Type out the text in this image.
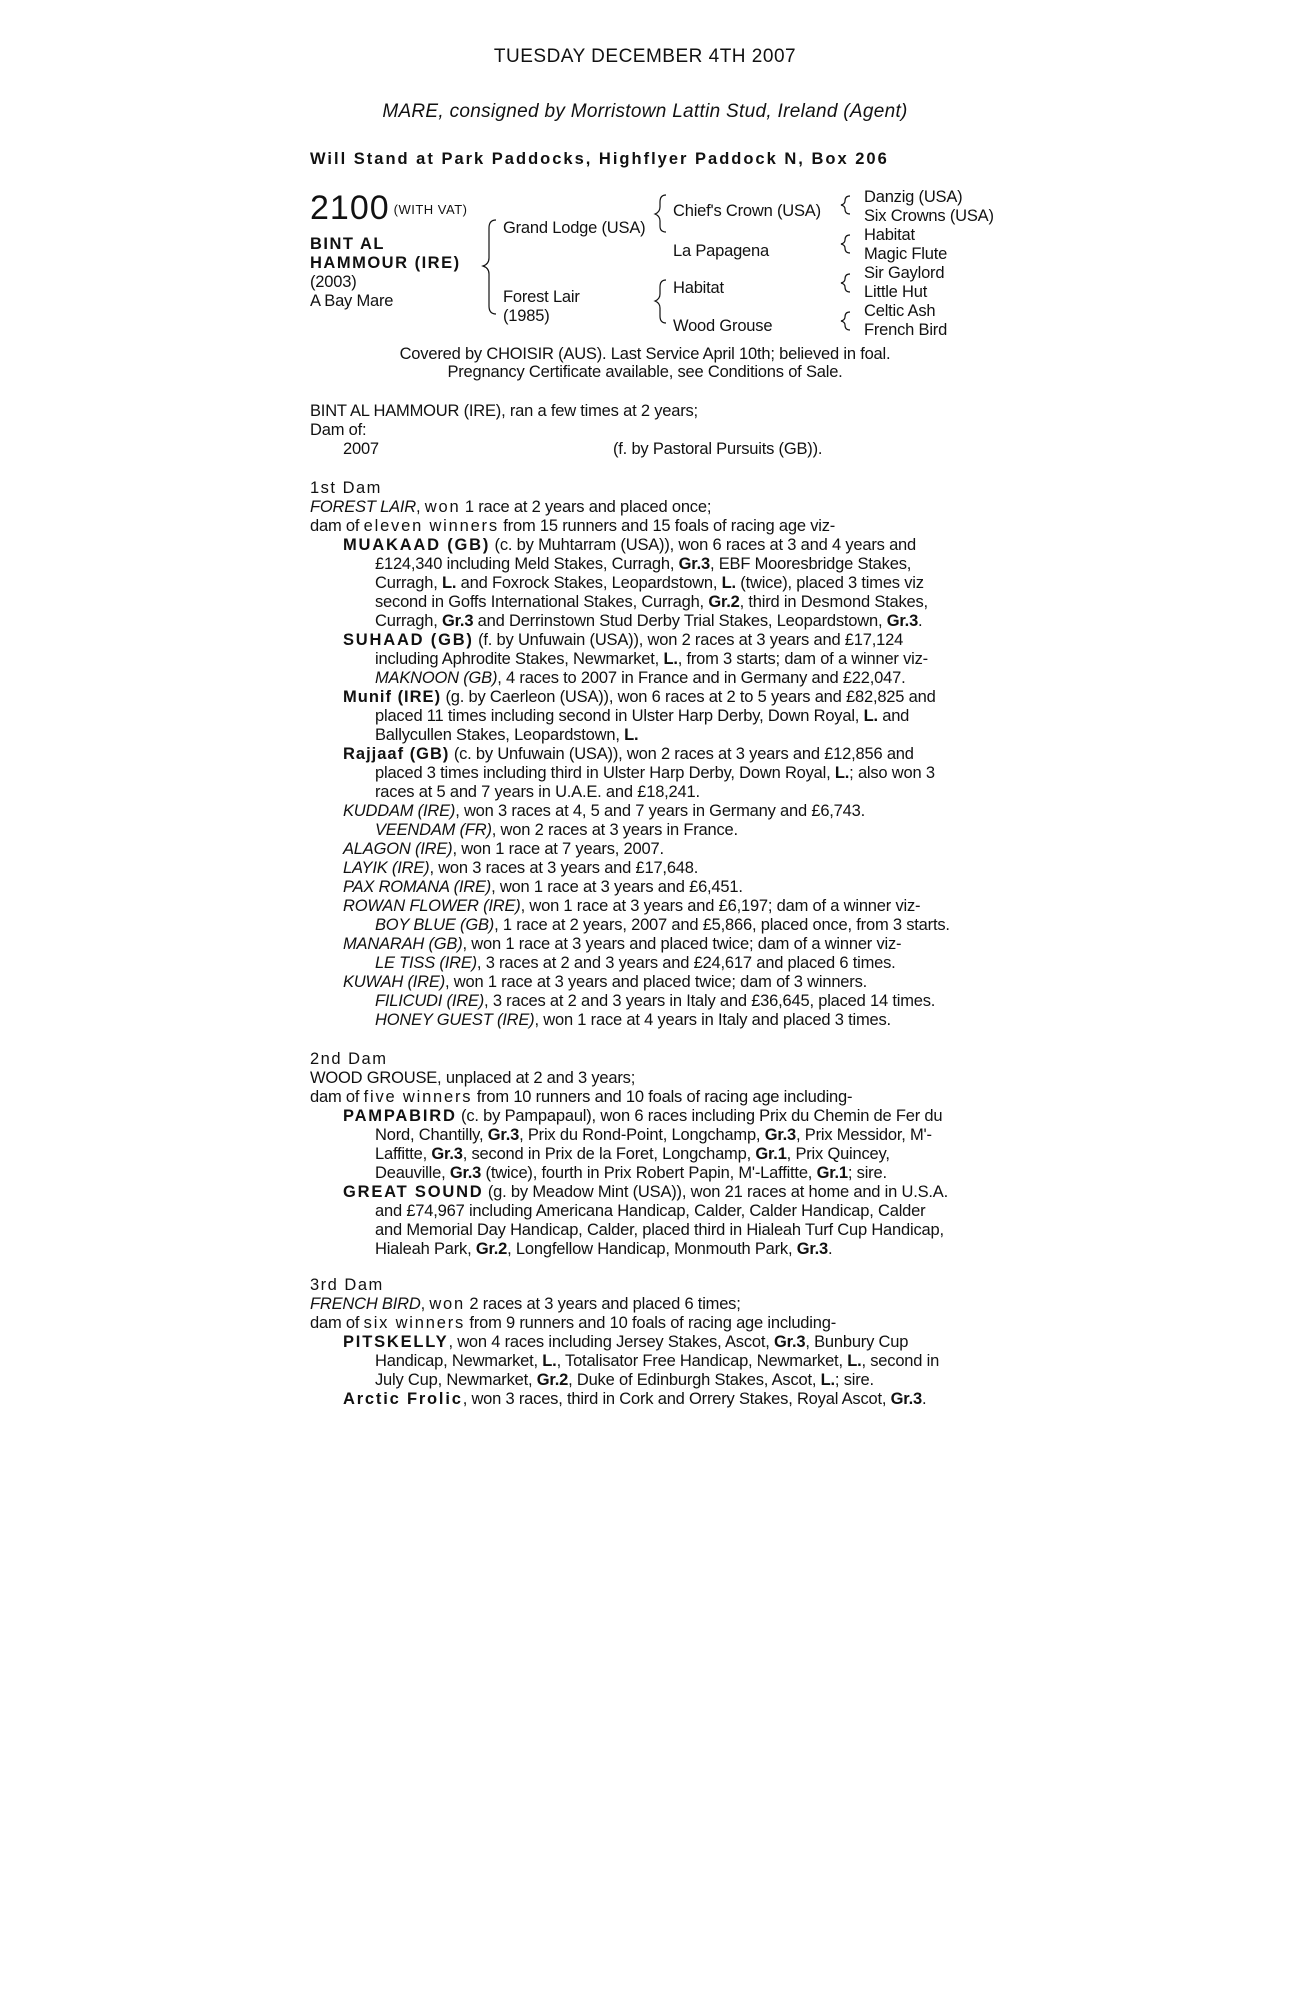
TUESDAY DECEMBER 4TH 2007
MARE, consigned by Morristown Lattin Stud, Ireland (Agent)
Will Stand at Park Paddocks, Highflyer Paddock N, Box 206
2100 (WITH VAT)
BINT AL
HAMMOUR (IRE)
(2003)
A Bay Mare
Grand Lodge (USA)
Forest Lair
(1985)
Chief's Crown (USA)
La Papagena
Habitat
Wood Grouse
Danzig (USA)
Six Crowns (USA)
Habitat
Magic Flute
Sir Gaylord
Little Hut
Celtic Ash
French Bird
Covered by CHOISIR (AUS). Last Service April 10th; believed in foal.
Pregnancy Certificate available, see Conditions of Sale.
BINT AL HAMMOUR (IRE), ran a few times at 2 years;
Dam of:
2007	(f. by Pastoral Pursuits (GB)).
1st Dam
FOREST LAIR, won 1 race at 2 years and placed once;
dam of eleven winners from 15 runners and 15 foals of racing age viz-
MUAKAAD (GB) (c. by Muhtarram (USA)), won 6 races at 3 and 4 years and
£124,340 including Meld Stakes, Curragh, Gr.3, EBF Mooresbridge Stakes,
Curragh, L. and Foxrock Stakes, Leopardstown, L. (twice), placed 3 times viz
second in Goffs International Stakes, Curragh, Gr.2, third in Desmond Stakes,
Curragh, Gr.3 and Derrinstown Stud Derby Trial Stakes, Leopardstown, Gr.3.
SUHAAD (GB) (f. by Unfuwain (USA)), won 2 races at 3 years and £17,124
including Aphrodite Stakes, Newmarket, L., from 3 starts; dam of a winner viz-
MAKNOON (GB), 4 races to 2007 in France and in Germany and £22,047.
Munif (IRE) (g. by Caerleon (USA)), won 6 races at 2 to 5 years and £82,825 and
placed 11 times including second in Ulster Harp Derby, Down Royal, L. and
Ballycullen Stakes, Leopardstown, L.
Rajjaaf (GB) (c. by Unfuwain (USA)), won 2 races at 3 years and £12,856 and
placed 3 times including third in Ulster Harp Derby, Down Royal, L.; also won 3
races at 5 and 7 years in U.A.E. and £18,241.
KUDDAM (IRE), won 3 races at 4, 5 and 7 years in Germany and £6,743.
VEENDAM (FR), won 2 races at 3 years in France.
ALAGON (IRE), won 1 race at 7 years, 2007.
LAYIK (IRE), won 3 races at 3 years and £17,648.
PAX ROMANA (IRE), won 1 race at 3 years and £6,451.
ROWAN FLOWER (IRE), won 1 race at 3 years and £6,197; dam of a winner viz-
BOY BLUE (GB), 1 race at 2 years, 2007 and £5,866, placed once, from 3 starts.
MANARAH (GB), won 1 race at 3 years and placed twice; dam of a winner viz-
LE TISS (IRE), 3 races at 2 and 3 years and £24,617 and placed 6 times.
KUWAH (IRE), won 1 race at 3 years and placed twice; dam of 3 winners.
FILICUDI (IRE), 3 races at 2 and 3 years in Italy and £36,645, placed 14 times.
HONEY GUEST (IRE), won 1 race at 4 years in Italy and placed 3 times.
2nd Dam
WOOD GROUSE, unplaced at 2 and 3 years;
dam of five winners from 10 runners and 10 foals of racing age including-
PAMPABIRD (c. by Pampapaul), won 6 races including Prix du Chemin de Fer du
Nord, Chantilly, Gr.3, Prix du Rond-Point, Longchamp, Gr.3, Prix Messidor, M'-
Laffitte, Gr.3, second in Prix de la Foret, Longchamp, Gr.1, Prix Quincey,
Deauville, Gr.3 (twice), fourth in Prix Robert Papin, M'-Laffitte, Gr.1; sire.
GREAT SOUND (g. by Meadow Mint (USA)), won 21 races at home and in U.S.A.
and £74,967 including Americana Handicap, Calder, Calder Handicap, Calder
and Memorial Day Handicap, Calder, placed third in Hialeah Turf Cup Handicap,
Hialeah Park, Gr.2, Longfellow Handicap, Monmouth Park, Gr.3.
3rd Dam
FRENCH BIRD, won 2 races at 3 years and placed 6 times;
dam of six winners from 9 runners and 10 foals of racing age including-
PITSKELLY, won 4 races including Jersey Stakes, Ascot, Gr.3, Bunbury Cup
Handicap, Newmarket, L., Totalisator Free Handicap, Newmarket, L., second in
July Cup, Newmarket, Gr.2, Duke of Edinburgh Stakes, Ascot, L.; sire.
Arctic Frolic, won 3 races, third in Cork and Orrery Stakes, Royal Ascot, Gr.3.
